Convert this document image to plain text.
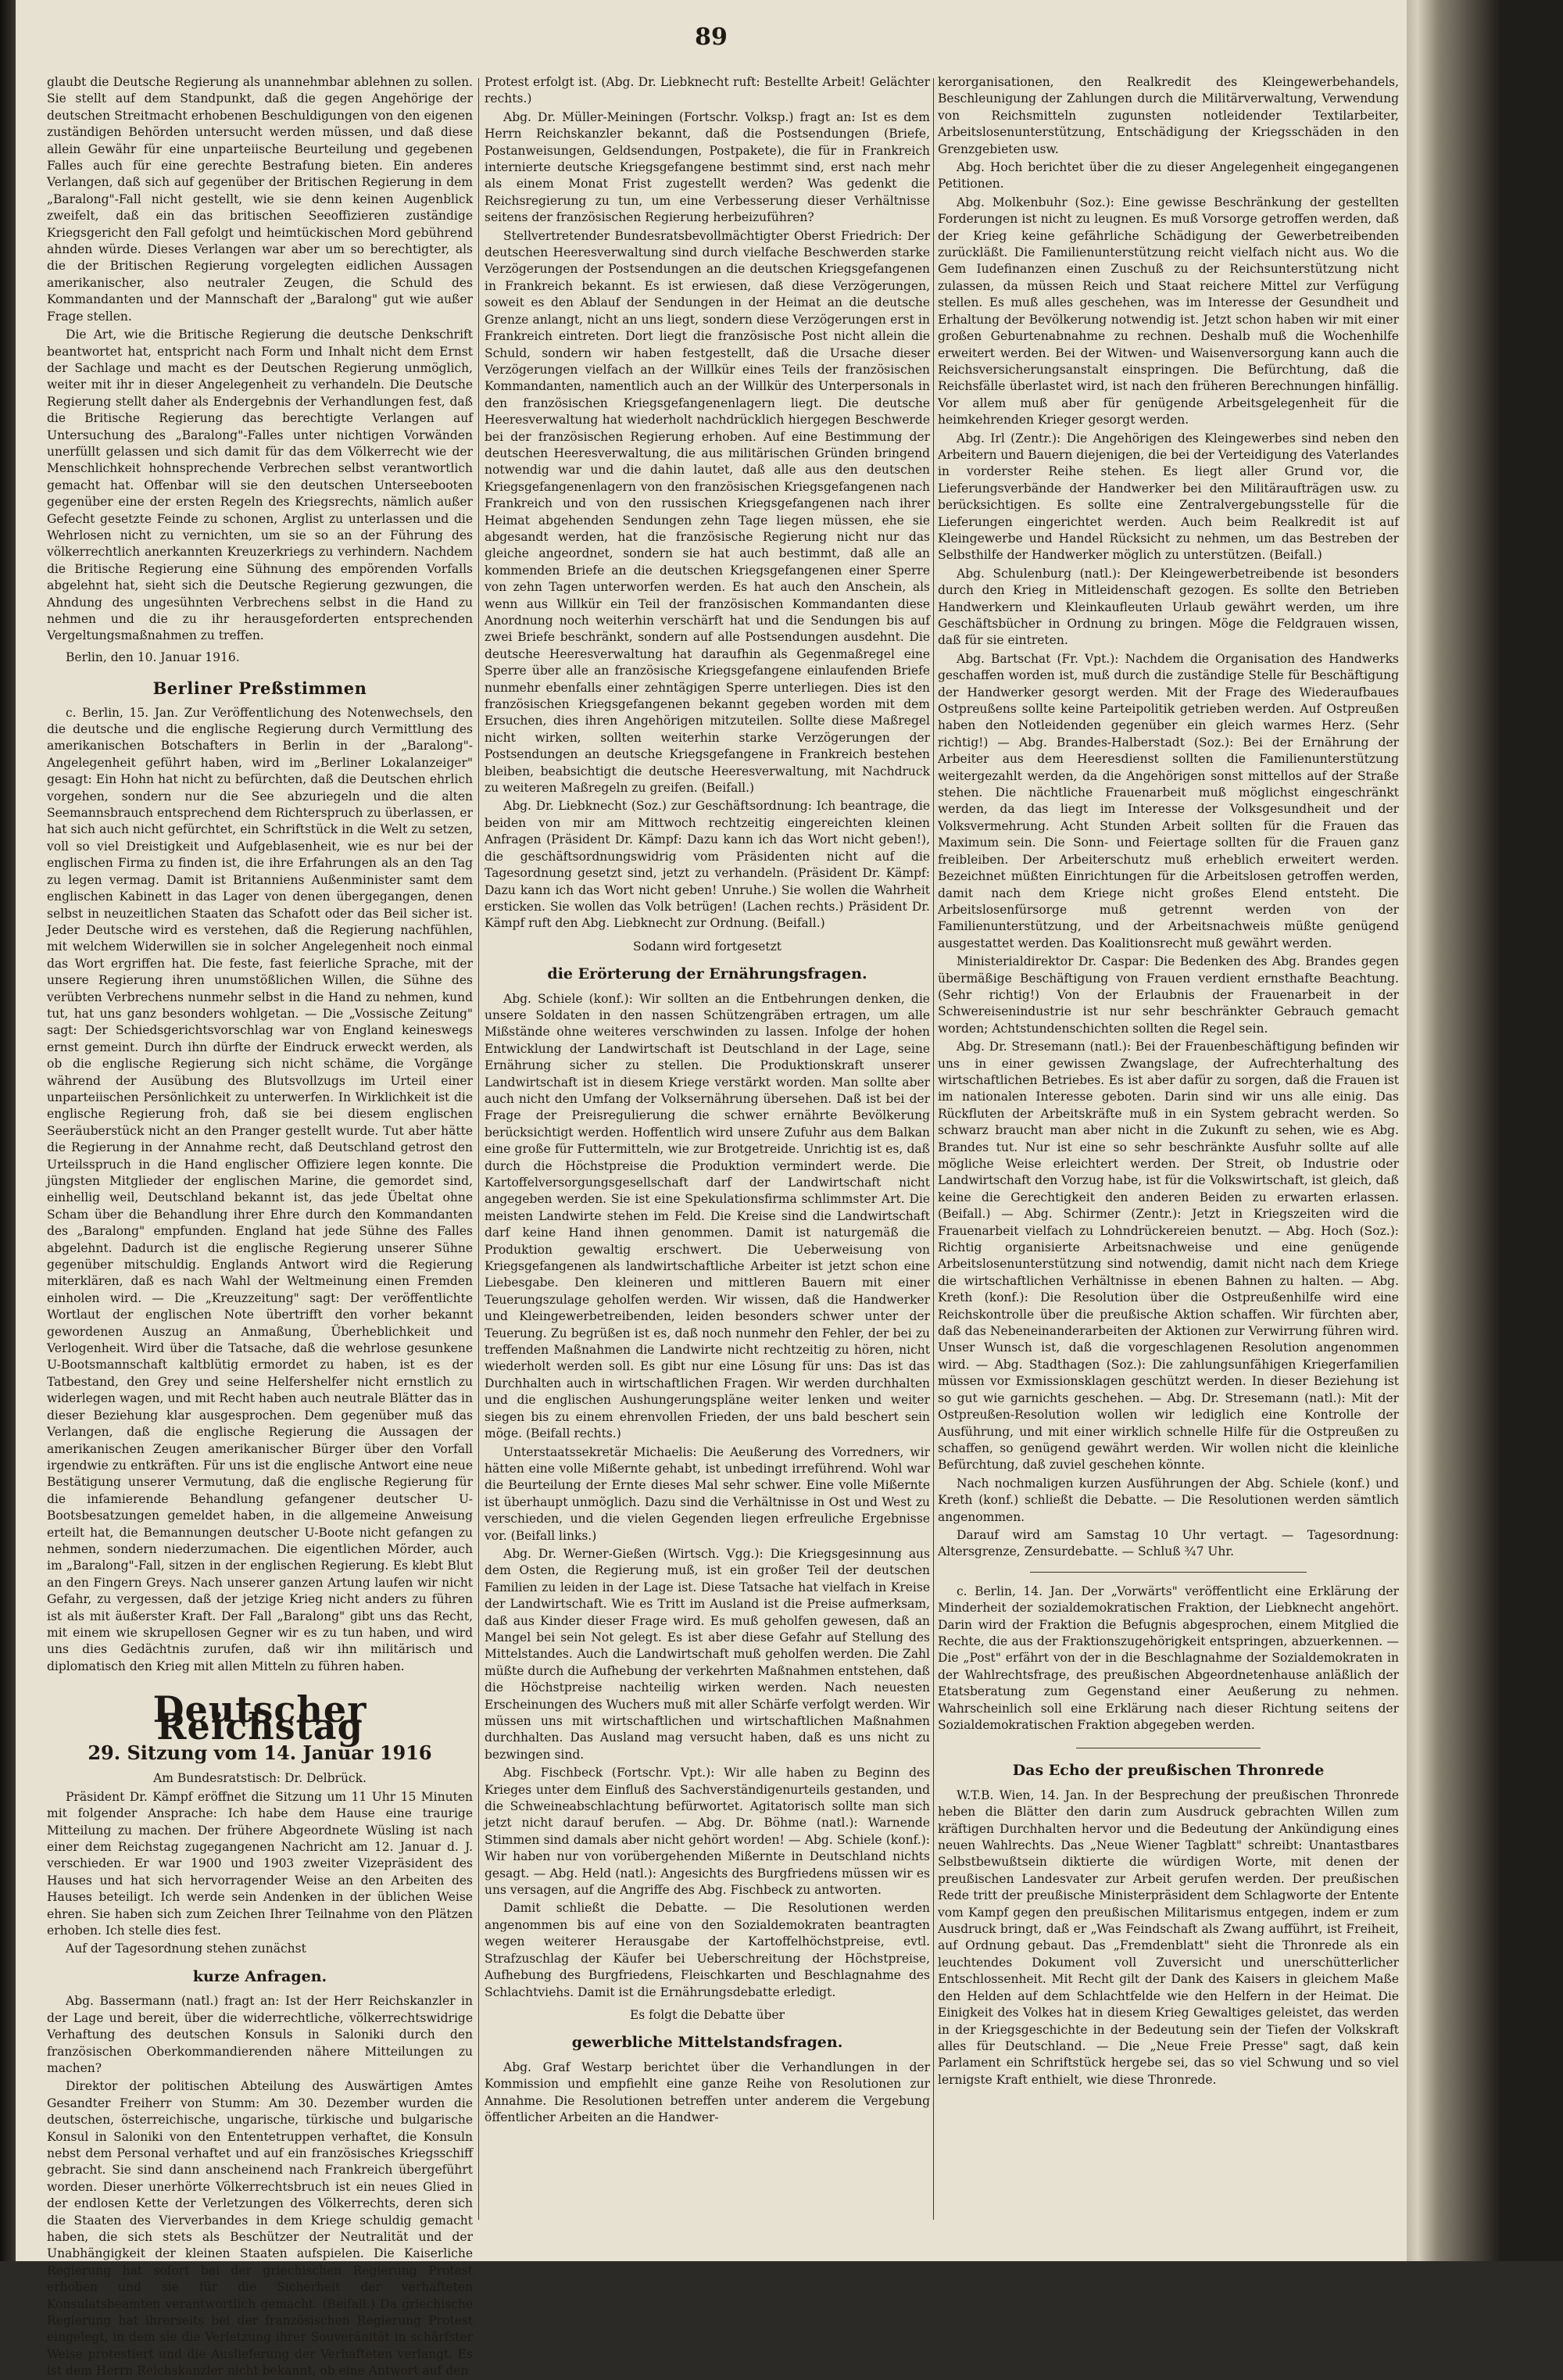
89

glaubt die Deutsche Regierung als unannehmbar ablehnen zu sollen. Sie stellt auf dem Standpunkt, daß die gegen Angehörige der deutschen Streitmacht erhobenen Beschuldigungen von den eigenen zuständigen Behörden untersucht werden müssen, und daß diese allein Gewähr für eine unparteiische Beurteilung und gegebenen Falles auch für eine gerechte Bestrafung bieten. Ein anderes Verlangen, daß sich auf gegenüber der Britischen Regierung in dem „Baralong"-Fall nicht gestellt, wie sie denn keinen Augenblick zweifelt, daß ein das britischen Seeoffizieren zuständige Kriegsgericht den Fall gefolgt und heimtückischen Mord gebührend ahnden würde. Dieses Verlangen war aber um so berechtigter, als die der Britischen Regierung vorgelegten eidlichen Aussagen amerikanischer, also neutraler Zeugen, die Schuld des Kommandanten und der Mannschaft der „Baralong" gut wie außer Frage stellen.

Die Art, wie die Britische Regierung die deutsche Denkschrift beantwortet hat, entspricht nach Form und Inhalt nicht dem Ernst der Sachlage und macht es der Deutschen Regierung unmöglich, weiter mit ihr in dieser Angelegenheit zu verhandeln. Die Deutsche Regierung stellt daher als Endergebnis der Verhandlungen fest, daß die Britische Regierung das berechtigte Verlangen auf Untersuchung des „Baralong"-Falles unter nichtigen Vorwänden unerfüllt gelassen und sich damit für das dem Völkerrecht wie der Menschlichkeit hohnsprechende Verbrechen selbst verantwortlich gemacht hat. Offenbar will sie den deutschen Unterseebooten gegenüber eine der ersten Regeln des Kriegsrechts, nämlich außer Gefecht gesetzte Feinde zu schonen, Arglist zu unterlassen und die Wehrlosen nicht zu vernichten, um sie so an der Führung des völkerrechtlich anerkannten Kreuzerkriegs zu verhindern. Nachdem die Britische Regierung eine Sühnung des empörenden Vorfalls abgelehnt hat, sieht sich die Deutsche Regierung gezwungen, die Ahndung des ungesühnten Verbrechens selbst in die Hand zu nehmen und die zu ihr herausgeforderten entsprechenden Vergeltungsmaßnahmen zu treffen.

Berlin, den 10. Januar 1916.

Berliner Preßstimmen

c. Berlin, 15. Jan. Zur Veröffentlichung des Notenwechsels, den die deutsche und die englische Regierung durch Vermittlung des amerikanischen Botschafters in Berlin in der „Baralong"-Angelegenheit geführt haben, wird im „Berliner Lokalanzeiger" gesagt: Ein Hohn hat nicht zu befürchten, daß die Deutschen ehrlich vorgehen, sondern nur die See abzuriegeln und die alten Seemannsbrauch entsprechend dem Richterspruch zu überlassen, er hat sich auch nicht gefürchtet, ein Schriftstück in die Welt zu setzen, voll so viel Dreistigkeit und Aufgeblasenheit, wie es nur bei der englischen Firma zu finden ist, die ihre Erfahrungen als an den Tag zu legen vermag. Damit ist Britanniens Außenminister samt dem englischen Kabinett in das Lager von denen übergegangen, denen selbst in neuzeitlichen Staaten das Schafott oder das Beil sicher ist. Jeder Deutsche wird es verstehen, daß die Regierung nachfühlen, mit welchem Widerwillen sie in solcher Angelegenheit noch einmal das Wort ergriffen hat. Die feste, fast feierliche Sprache, mit der unsere Regierung ihren unumstößlichen Willen, die Sühne des verübten Verbrechens nunmehr selbst in die Hand zu nehmen, kund tut, hat uns ganz besonders wohlgetan. — Die „Vossische Zeitung" sagt: Der Schiedsgerichtsvorschlag war von England keineswegs ernst gemeint. Durch ihn dürfte der Eindruck erweckt werden, als ob die englische Regierung sich nicht schäme, die Vorgänge während der Ausübung des Blutsvollzugs im Urteil einer unparteiischen Persönlichkeit zu unterwerfen. In Wirklichkeit ist die englische Regierung froh, daß sie bei diesem englischen Seeräuberstück nicht an den Pranger gestellt wurde. Tut aber hätte die Regierung in der Annahme recht, daß Deutschland getrost den Urteilsspruch in die Hand englischer Offiziere legen konnte. Die jüngsten Mitglieder der englischen Marine, die gemordet sind, einhellig weil, Deutschland bekannt ist, das jede Übeltat ohne Scham über die Behandlung ihrer Ehre durch den Kommandanten des „Baralong" empfunden. England hat jede Sühne des Falles abgelehnt. Dadurch ist die englische Regierung unserer Sühne gegenüber mitschuldig. Englands Antwort wird die Regierung miterklären, daß es nach Wahl der Weltmeinung einen Fremden einholen wird. — Die „Kreuzzeitung" sagt: Der veröffentlichte Wortlaut der englischen Note übertrifft den vorher bekannt gewordenen Auszug an Anmaßung, Überheblichkeit und Verlogenheit. Wird über die Tatsache, daß die wehrlose gesunkene U-Bootsmannschaft kaltblütig ermordet zu haben, ist es der Tatbestand, den Grey und seine Helfershelfer nicht ernstlich zu widerlegen wagen, und mit Recht haben auch neutrale Blätter das in dieser Beziehung klar ausgesprochen. Dem gegenüber muß das Verlangen, daß die englische Regierung die Aussagen der amerikanischen Zeugen amerikanischer Bürger über den Vorfall irgendwie zu entkräften. Für uns ist die englische Antwort eine neue Bestätigung unserer Vermutung, daß die englische Regierung für die infamierende Behandlung gefangener deutscher U-Bootsbesatzungen gemeldet haben, in die allgemeine Anweisung erteilt hat, die Bemannungen deutscher U-Boote nicht gefangen zu nehmen, sondern niederzumachen. Die eigentlichen Mörder, auch im „Baralong"-Fall, sitzen in der englischen Regierung. Es klebt Blut an den Fingern Greys. Nach unserer ganzen Artung laufen wir nicht Gefahr, zu vergessen, daß der jetzige Krieg nicht anders zu führen ist als mit äußerster Kraft. Der Fall „Baralong" gibt uns das Recht, mit einem wie skrupellosen Gegner wir es zu tun haben, und wird uns dies Gedächtnis zurufen, daß wir ihn militärisch und diplomatisch den Krieg mit allen Mitteln zu führen haben.

Deutscher Reichstag
29. Sitzung vom 14. Januar 1916

Am Bundesratstisch: Dr. Delbrück.

Präsident Dr. Kämpf eröffnet die Sitzung um 11 Uhr 15 Minuten mit folgender Ansprache: Ich habe dem Hause eine traurige Mitteilung zu machen. Der frühere Abgeordnete Wüsling ist nach einer dem Reichstag zugegangenen Nachricht am 12. Januar d. J. verschieden. Er war 1900 und 1903 zweiter Vizepräsident des Hauses und hat sich hervorragender Weise an den Arbeiten des Hauses beteiligt. Ich werde sein Andenken in der üblichen Weise ehren. Sie haben sich zum Zeichen Ihrer Teilnahme von den Plätzen erhoben. Ich stelle dies fest.

Auf der Tagesordnung stehen zunächst

kurze Anfragen.

Abg. Bassermann (natl.) fragt an: Ist der Herr Reichskanzler in der Lage und bereit, über die widerrechtliche, völkerrechtswidrige Verhaftung des deutschen Konsuls in Saloniki durch den französischen Oberkommandierenden nähere Mitteilungen zu machen?

Direktor der politischen Abteilung des Auswärtigen Amtes Gesandter Freiherr von Stumm: Am 30. Dezember wurden die deutschen, österreichische, ungarische, türkische und bulgarische Konsul in Saloniki von den Ententetruppen verhaftet, die Konsuln nebst dem Personal verhaftet und auf ein französisches Kriegsschiff gebracht. Sie sind dann anscheinend nach Frankreich übergeführt worden. Dieser unerhörte Völkerrechtsbruch ist ein neues Glied in der endlosen Kette der Verletzungen des Völkerrechts, deren sich die Staaten des Vierverbandes in dem Kriege schuldig gemacht haben, die sich stets als Beschützer der Neutralität und der Unabhängigkeit der kleinen Staaten aufspielen. Die Kaiserliche Regierung hat sofort bei der griechischen Regierung Protest erhoben und sie für die Sicherheit der verhafteten Konsulatsbeamten verantwortlich gemacht. (Beifall.) Da griechische Regierung hat ihrerseits bei der französischen Regierung Protest eingelegt, in dem sie die Verletzung ihrer Souveränität in schärfster Weise protestiert und die Auslieferung der Verhafteten verlangt. Es ist dem Herrn Reichskanzler nicht bekannt, ob eine Antwort auf den

Protest erfolgt ist. (Abg. Dr. Liebknecht ruft: Bestellte Arbeit! Gelächter rechts.)

Abg. Dr. Müller-Meiningen (Fortschr. Volksp.) fragt an: Ist es dem Herrn Reichskanzler bekannt, daß die Postsendungen (Briefe, Postanweisungen, Geldsendungen, Postpakete), die für in Frankreich internierte deutsche Kriegsgefangene bestimmt sind, erst nach mehr als einem Monat Frist zugestellt werden? Was gedenkt die Reichsregierung zu tun, um eine Verbesserung dieser Verhältnisse seitens der französischen Regierung herbeizuführen?

Stellvertretender Bundesratsbevollmächtigter Oberst Friedrich: Der deutschen Heeresverwaltung sind durch vielfache Beschwerden starke Verzögerungen der Postsendungen an die deutschen Kriegsgefangenen in Frankreich bekannt. Es ist erwiesen, daß diese Verzögerungen, soweit es den Ablauf der Sendungen in der Heimat an die deutsche Grenze anlangt, nicht an uns liegt, sondern diese Verzögerungen erst in Frankreich eintreten. Dort liegt die französische Post nicht allein die Schuld, sondern wir haben festgestellt, daß die Ursache dieser Verzögerungen vielfach an der Willkür eines Teils der französischen Kommandanten, namentlich auch an der Willkür des Unterpersonals in den französischen Kriegsgefangenenlagern liegt. Die deutsche Heeresverwaltung hat wiederholt nachdrücklich hiergegen Beschwerde bei der französischen Regierung erhoben. Auf eine Bestimmung der deutschen Heeresverwaltung, die aus militärischen Gründen bringend notwendig war und die dahin lautet, daß alle aus den deutschen Kriegsgefangenenlagern von den französischen Kriegsgefangenen nach Frankreich und von den russischen Kriegsgefangenen nach ihrer Heimat abgehenden Sendungen zehn Tage liegen müssen, ehe sie abgesandt werden, hat die französische Regierung nicht nur das gleiche angeordnet, sondern sie hat auch bestimmt, daß alle an kommenden Briefe an die deutschen Kriegsgefangenen einer Sperre von zehn Tagen unterworfen werden. Es hat auch den Anschein, als wenn aus Willkür ein Teil der französischen Kommandanten diese Anordnung noch weiterhin verschärft hat und die Sendungen bis auf zwei Briefe beschränkt, sondern auf alle Postsendungen ausdehnt. Die deutsche Heeresverwaltung hat daraufhin als Gegenmaßregel eine Sperre über alle an französische Kriegsgefangene einlaufenden Briefe nunmehr ebenfalls einer zehntägigen Sperre unterliegen. Dies ist den französischen Kriegsgefangenen bekannt gegeben worden mit dem Ersuchen, dies ihren Angehörigen mitzuteilen. Sollte diese Maßregel nicht wirken, sollten weiterhin starke Verzögerungen der Postsendungen an deutsche Kriegsgefangene in Frankreich bestehen bleiben, beabsichtigt die deutsche Heeresverwaltung, mit Nachdruck zu weiteren Maßregeln zu greifen. (Beifall.)

Abg. Dr. Liebknecht (Soz.) zur Geschäftsordnung: Ich beantrage, die beiden von mir am Mittwoch rechtzeitig eingereichten kleinen Anfragen (Präsident Dr. Kämpf: Dazu kann ich das Wort nicht geben!), die geschäftsordnungswidrig vom Präsidenten nicht auf die Tagesordnung gesetzt sind, jetzt zu verhandeln. (Präsident Dr. Kämpf: Dazu kann ich das Wort nicht geben! Unruhe.) Sie wollen die Wahrheit ersticken. Sie wollen das Volk betrügen! (Lachen rechts.) Präsident Dr. Kämpf ruft den Abg. Liebknecht zur Ordnung. (Beifall.)

Sodann wird fortgesetzt

die Erörterung der Ernährungsfragen.

Abg. Schiele (konf.): Wir sollten an die Entbehrungen denken, die unsere Soldaten in den nassen Schützengräben ertragen, um alle Mißstände ohne weiteres verschwinden zu lassen. Infolge der hohen Entwicklung der Landwirtschaft ist Deutschland in der Lage, seine Ernährung sicher zu stellen. Die Produktionskraft unserer Landwirtschaft ist in diesem Kriege verstärkt worden. Man sollte aber auch nicht den Umfang der Volksernährung übersehen. Daß ist bei der Frage der Preisregulierung die schwer ernährte Bevölkerung berücksichtigt werden. Hoffentlich wird unsere Zufuhr aus dem Balkan eine große für Futtermitteln, wie zur Brotgetreide. Unrichtig ist es, daß durch die Höchstpreise die Produktion vermindert werde. Die Kartoffelversorgungsgesellschaft darf der Landwirtschaft nicht angegeben werden. Sie ist eine Spekulationsfirma schlimmster Art. Die meisten Landwirte stehen im Feld. Die Kreise sind die Landwirtschaft darf keine Hand ihnen genommen. Damit ist naturgemäß die Produktion gewaltig erschwert. Die Ueberweisung von Kriegsgefangenen als landwirtschaftliche Arbeiter ist jetzt schon eine Liebesgabe. Den kleineren und mittleren Bauern mit einer Teuerungszulage geholfen werden. Wir wissen, daß die Handwerker und Kleingewerbetreibenden, leiden besonders schwer unter der Teuerung. Zu begrüßen ist es, daß noch nunmehr den Fehler, der bei zu treffenden Maßnahmen die Landwirte nicht rechtzeitig zu hören, nicht wiederholt werden soll. Es gibt nur eine Lösung für uns: Das ist das Durchhalten auch in wirtschaftlichen Fragen. Wir werden durchhalten und die englischen Aushungerungspläne weiter lenken und weiter siegen bis zu einem ehrenvollen Frieden, der uns bald beschert sein möge. (Beifall rechts.)

Unterstaatssekretär Michaelis: Die Aeußerung des Vorredners, wir hätten eine volle Mißernte gehabt, ist unbedingt irreführend. Wohl war die Beurteilung der Ernte dieses Mal sehr schwer. Eine volle Mißernte ist überhaupt unmöglich. Dazu sind die Verhältnisse in Ost und West zu verschieden, und die vielen Gegenden liegen erfreuliche Ergebnisse vor. (Beifall links.)

Abg. Dr. Werner-Gießen (Wirtsch. Vgg.): Die Kriegsgesinnung aus dem Osten, die Regierung muß, ist ein großer Teil der deutschen Familien zu leiden in der Lage ist. Diese Tatsache hat vielfach in Kreise der Landwirtschaft. Wie es Tritt im Ausland ist die Preise aufmerksam, daß aus Kinder dieser Frage wird. Es muß geholfen gewesen, daß an Mangel bei sein Not gelegt. Es ist aber diese Gefahr auf Stellung des Mittelstandes. Auch die Landwirtschaft muß geholfen werden. Die Zahl müßte durch die Aufhebung der verkehrten Maßnahmen entstehen, daß die Höchstpreise nachteilig wirken werden. Nach neuesten Erscheinungen des Wuchers muß mit aller Schärfe verfolgt werden. Wir müssen uns mit wirtschaftlichen und wirtschaftlichen Maßnahmen durchhalten. Das Ausland mag versucht haben, daß es uns nicht zu bezwingen sind.

Abg. Fischbeck (Fortschr. Vpt.): Wir alle haben zu Beginn des Krieges unter dem Einfluß des Sachverständigenurteils gestanden, und die Schweineabschlachtung befürwortet. Agitatorisch sollte man sich jetzt nicht darauf berufen. — Abg. Dr. Böhme (natl.): Warnende Stimmen sind damals aber nicht gehört worden! — Abg. Schiele (konf.): Wir haben nur von vorübergehenden Mißernte in Deutschland nichts gesagt. — Abg. Held (natl.): Angesichts des Burgfriedens müssen wir es uns versagen, auf die Angriffe des Abg. Fischbeck zu antworten.

Damit schließt die Debatte. — Die Resolutionen werden angenommen bis auf eine von den Sozialdemokraten beantragten wegen weiterer Herausgabe der Kartoffelhöchstpreise, evtl. Strafzuschlag der Käufer bei Ueberschreitung der Höchstpreise, Aufhebung des Burgfriedens, Fleischkarten und Beschlagnahme des Schlachtviehs. Damit ist die Ernährungsdebatte erledigt.

Es folgt die Debatte über

gewerbliche Mittelstandsfragen.

Abg. Graf Westarp berichtet über die Verhandlungen in der Kommission und empfiehlt eine ganze Reihe von Resolutionen zur Annahme. Die Resolutionen betreffen unter anderem die Vergebung öffentlicher Arbeiten an die Handwer-

kerorganisationen, den Realkredit des Kleingewerbehandels, Beschleunigung der Zahlungen durch die Militärverwaltung, Verwendung von Reichsmitteln zugunsten notleidender Textilarbeiter, Arbeitslosenunterstützung, Entschädigung der Kriegsschäden in den Grenzgebieten usw.

Abg. Hoch berichtet über die zu dieser Angelegenheit eingegangenen Petitionen.

Abg. Molkenbuhr (Soz.): Eine gewisse Beschränkung der gestellten Forderungen ist nicht zu leugnen. Es muß Vorsorge getroffen werden, daß der Krieg keine gefährliche Schädigung der Gewerbetreibenden zurückläßt. Die Familienunterstützung reicht vielfach nicht aus. Wo die Gem Iudefinanzen einen Zuschuß zu der Reichsunterstützung nicht zulassen, da müssen Reich und Staat reichere Mittel zur Verfügung stellen. Es muß alles geschehen, was im Interesse der Gesundheit und Erhaltung der Bevölkerung notwendig ist. Jetzt schon haben wir mit einer großen Geburtenabnahme zu rechnen. Deshalb muß die Wochenhilfe erweitert werden. Bei der Witwen- und Waisenversorgung kann auch die Reichsversicherungsanstalt einspringen. Die Befürchtung, daß die Reichsfälle überlastet wird, ist nach den früheren Berechnungen hinfällig. Vor allem muß aber für genügende Arbeitsgelegenheit für die heimkehrenden Krieger gesorgt werden.

Abg. Irl (Zentr.): Die Angehörigen des Kleingewerbes sind neben den Arbeitern und Bauern diejenigen, die bei der Verteidigung des Vaterlandes in vorderster Reihe stehen. Es liegt aller Grund vor, die Lieferungsverbände der Handwerker bei den Militäraufträgen usw. zu berücksichtigen. Es sollte eine Zentralvergebungsstelle für die Lieferungen eingerichtet werden. Auch beim Realkredit ist auf Kleingewerbe und Handel Rücksicht zu nehmen, um das Bestreben der Selbsthilfe der Handwerker möglich zu unterstützen. (Beifall.)

Abg. Schulenburg (natl.): Der Kleingewerbetreibende ist besonders durch den Krieg in Mitleidenschaft gezogen. Es sollte den Betrieben Handwerkern und Kleinkaufleuten Urlaub gewährt werden, um ihre Geschäftsbücher in Ordnung zu bringen. Möge die Feldgrauen wissen, daß für sie eintreten.

Abg. Bartschat (Fr. Vpt.): Nachdem die Organisation des Handwerks geschaffen worden ist, muß durch die zuständige Stelle für Beschäftigung der Handwerker gesorgt werden. Mit der Frage des Wiederaufbaues Ostpreußens sollte keine Parteipolitik getrieben werden. Auf Ostpreußen haben den Notleidenden gegenüber ein gleich warmes Herz. (Sehr richtig!) — Abg. Brandes-Halberstadt (Soz.): Bei der Ernährung der Arbeiter aus dem Heeresdienst sollten die Familienunterstützung weitergezahlt werden, da die Angehörigen sonst mittellos auf der Straße stehen. Die nächtliche Frauenarbeit muß möglichst eingeschränkt werden, da das liegt im Interesse der Volksgesundheit und der Volksvermehrung. Acht Stunden Arbeit sollten für die Frauen das Maximum sein. Die Sonn- und Feiertage sollten für die Frauen ganz freibleiben. Der Arbeiterschutz muß erheblich erweitert werden. Bezeichnet müßten Einrichtungen für die Arbeitslosen getroffen werden, damit nach dem Kriege nicht großes Elend entsteht. Die Arbeitslosenfürsorge muß getrennt werden von der Familienunterstützung, und der Arbeitsnachweis müßte genügend ausgestattet werden. Das Koalitionsrecht muß gewährt werden.

Ministerialdirektor Dr. Caspar: Die Bedenken des Abg. Brandes gegen übermäßige Beschäftigung von Frauen verdient ernsthafte Beachtung. (Sehr richtig!) Von der Erlaubnis der Frauenarbeit in der Schwereisenindustrie ist nur sehr beschränkter Gebrauch gemacht worden; Achtstundenschichten sollten die Regel sein.

Abg. Dr. Stresemann (natl.): Bei der Frauenbeschäftigung befinden wir uns in einer gewissen Zwangslage, der Aufrechterhaltung des wirtschaftlichen Betriebes. Es ist aber dafür zu sorgen, daß die Frauen ist im nationalen Interesse geboten. Darin sind wir uns alle einig. Das Rückfluten der Arbeitskräfte muß in ein System gebracht werden. So schwarz braucht man aber nicht in die Zukunft zu sehen, wie es Abg. Brandes tut. Nur ist eine so sehr beschränkte Ausfuhr sollte auf alle mögliche Weise erleichtert werden. Der Streit, ob Industrie oder Landwirtschaft den Vorzug habe, ist für die Volkswirtschaft, ist gleich, daß keine die Gerechtigkeit den anderen Beiden zu erwarten erlassen. (Beifall.) — Abg. Schirmer (Zentr.): Jetzt in Kriegszeiten wird die Frauenarbeit vielfach zu Lohndrückereien benutzt. — Abg. Hoch (Soz.): Richtig organisierte Arbeitsnachweise und eine genügende Arbeitslosenunterstützung sind notwendig, damit nicht nach dem Kriege die wirtschaftlichen Verhältnisse in ebenen Bahnen zu halten. — Abg. Kreth (konf.): Die Resolution über die Ostpreußenhilfe wird eine Reichskontrolle über die preußische Aktion schaffen. Wir fürchten aber, daß das Nebeneinanderarbeiten der Aktionen zur Verwirrung führen wird. Unser Wunsch ist, daß die vorgeschlagenen Resolution angenommen wird. — Abg. Stadthagen (Soz.): Die zahlungsunfähigen Kriegerfamilien müssen vor Exmissionsklagen geschützt werden. In dieser Beziehung ist so gut wie garnichts geschehen. — Abg. Dr. Stresemann (natl.): Mit der Ostpreußen-Resolution wollen wir lediglich eine Kontrolle der Ausführung, und mit einer wirklich schnelle Hilfe für die Ostpreußen zu schaffen, so genügend gewährt werden. Wir wollen nicht die kleinliche Befürchtung, daß zuviel geschehen könnte.

Nach nochmaligen kurzen Ausführungen der Abg. Schiele (konf.) und Kreth (konf.) schließt die Debatte. — Die Resolutionen werden sämtlich angenommen.

Darauf wird am Samstag 10 Uhr vertagt. — Tagesordnung: Altersgrenze, Zensurdebatte. — Schluß ¾7 Uhr.

c. Berlin, 14. Jan. Der „Vorwärts" veröffentlicht eine Erklärung der Minderheit der sozialdemokratischen Fraktion, der Liebknecht angehört. Darin wird der Fraktion die Befugnis abgesprochen, einem Mitglied die Rechte, die aus der Fraktionszugehörigkeit entspringen, abzuerkennen. — Die „Post" erfährt von der in die Beschlagnahme der Sozialdemokraten in der Wahlrechtsfrage, des preußischen Abgeordnetenhause anläßlich der Etatsberatung zum Gegenstand einer Aeußerung zu nehmen. Wahrscheinlich soll eine Erklärung nach dieser Richtung seitens der Sozialdemokratischen Fraktion abgegeben werden.

Das Echo der preußischen Thronrede

W.T.B. Wien, 14. Jan. In der Besprechung der preußischen Thronrede heben die Blätter den darin zum Ausdruck gebrachten Willen zum kräftigen Durchhalten hervor und die Bedeutung der Ankündigung eines neuen Wahlrechts. Das „Neue Wiener Tagblatt" schreibt: Unantastbares Selbstbewußtsein diktierte die würdigen Worte, mit denen der preußischen Landesvater zur Arbeit gerufen werden. Der preußischen Rede tritt der preußische Ministerpräsident dem Schlagworte der Entente vom Kampf gegen den preußischen Militarismus entgegen, indem er zum Ausdruck bringt, daß er „Was Feindschaft als Zwang aufführt, ist Freiheit, auf Ordnung gebaut. Das „Fremdenblatt" sieht die Thronrede als ein leuchtendes Dokument voll Zuversicht und unerschütterlicher Entschlossenheit. Mit Recht gilt der Dank des Kaisers in gleichem Maße den Helden auf dem Schlachtfelde wie den Helfern in der Heimat. Die Einigkeit des Volkes hat in diesem Krieg Gewaltiges geleistet, das werden in der Kriegsgeschichte in der Bedeutung sein der Tiefen der Volkskraft alles für Deutschland. — Die „Neue Freie Presse" sagt, daß kein Parlament ein Schriftstück hergebe sei, das so viel Schwung und so viel lernigste Kraft enthielt, wie diese Thronrede.
